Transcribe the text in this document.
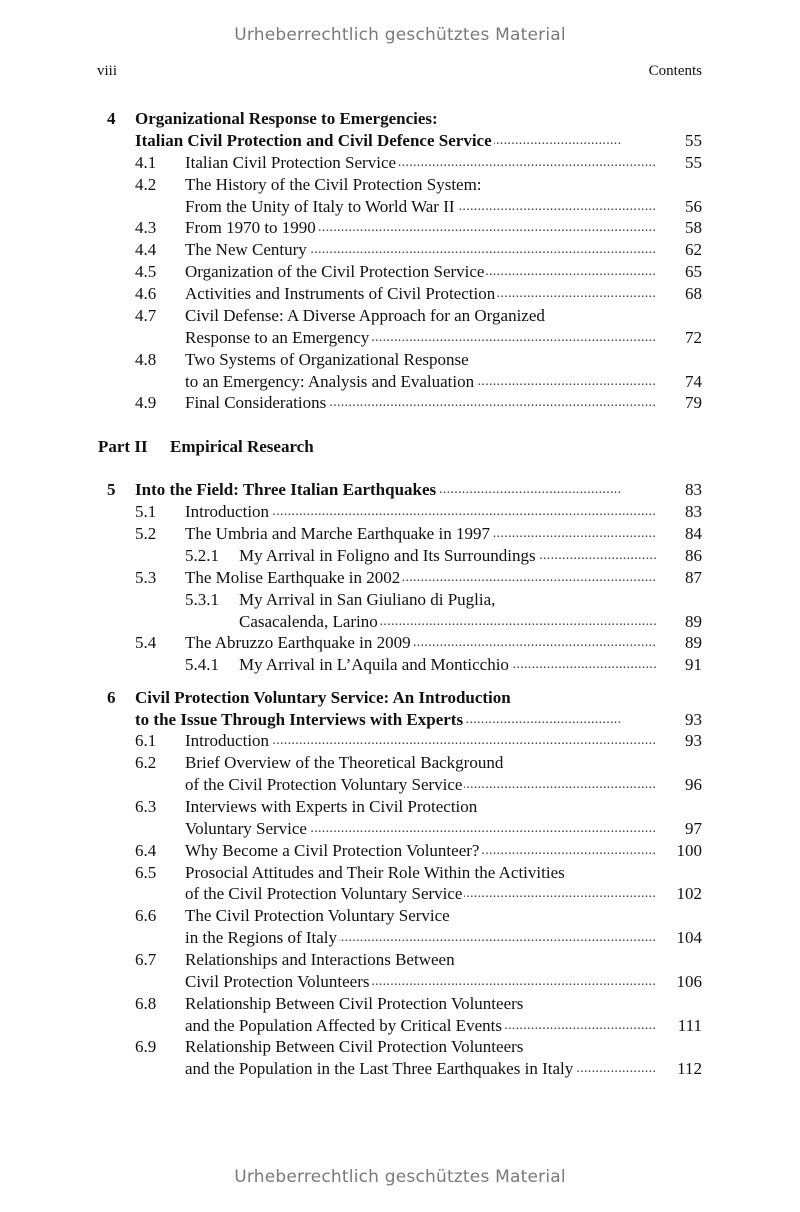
Urheberrechtlich geschütztes Material
viii	Contents
4 Organizational Response to Emergencies:
Italian Civil Protection and Civil Defence Service . . .	55
4.1 Italian Civil Protection Service . . .	55
4.2 The History of the Civil Protection System:
From the Unity of Italy to World War II . . .	56
4.3 From 1970 to 1990 . . .	58
4.4 The New Century . . .	62
4.5 Organization of the Civil Protection Service . . .	65
4.6 Activities and Instruments of Civil Protection . . .	68
4.7 Civil Defense: A Diverse Approach for an Organized
Response to an Emergency . . .	72
4.8 Two Systems of Organizational Response
to an Emergency: Analysis and Evaluation . . .	74
4.9 Final Considerations . . .	79
Part II Empirical Research
5 Into the Field: Three Italian Earthquakes . . .	83
5.1 Introduction . . .	83
5.2 The Umbria and Marche Earthquake in 1997 . . .	84
5.2.1 My Arrival in Foligno and Its Surroundings . . .	86
5.3 The Molise Earthquake in 2002 . . .	87
5.3.1 My Arrival in San Giuliano di Puglia,
Casacalenda, Larino . . .	89
5.4 The Abruzzo Earthquake in 2009 . . .	89
5.4.1 My Arrival in L’Aquila and Monticchio . . .	91
6 Civil Protection Voluntary Service: An Introduction
to the Issue Through Interviews with Experts . . .	93
6.1 Introduction . . .	93
6.2 Brief Overview of the Theoretical Background
of the Civil Protection Voluntary Service . . .	96
6.3 Interviews with Experts in Civil Protection
Voluntary Service . . .	97
6.4 Why Become a Civil Protection Volunteer? . . .	100
6.5 Prosocial Attitudes and Their Role Within the Activities
of the Civil Protection Voluntary Service . . .	102
6.6 The Civil Protection Voluntary Service
in the Regions of Italy . . .	104
6.7 Relationships and Interactions Between
Civil Protection Volunteers . . .	106
6.8 Relationship Between Civil Protection Volunteers
and the Population Affected by Critical Events . . .	111
6.9 Relationship Between Civil Protection Volunteers
and the Population in the Last Three Earthquakes in Italy . . .	112
Urheberrechtlich geschütztes Material
